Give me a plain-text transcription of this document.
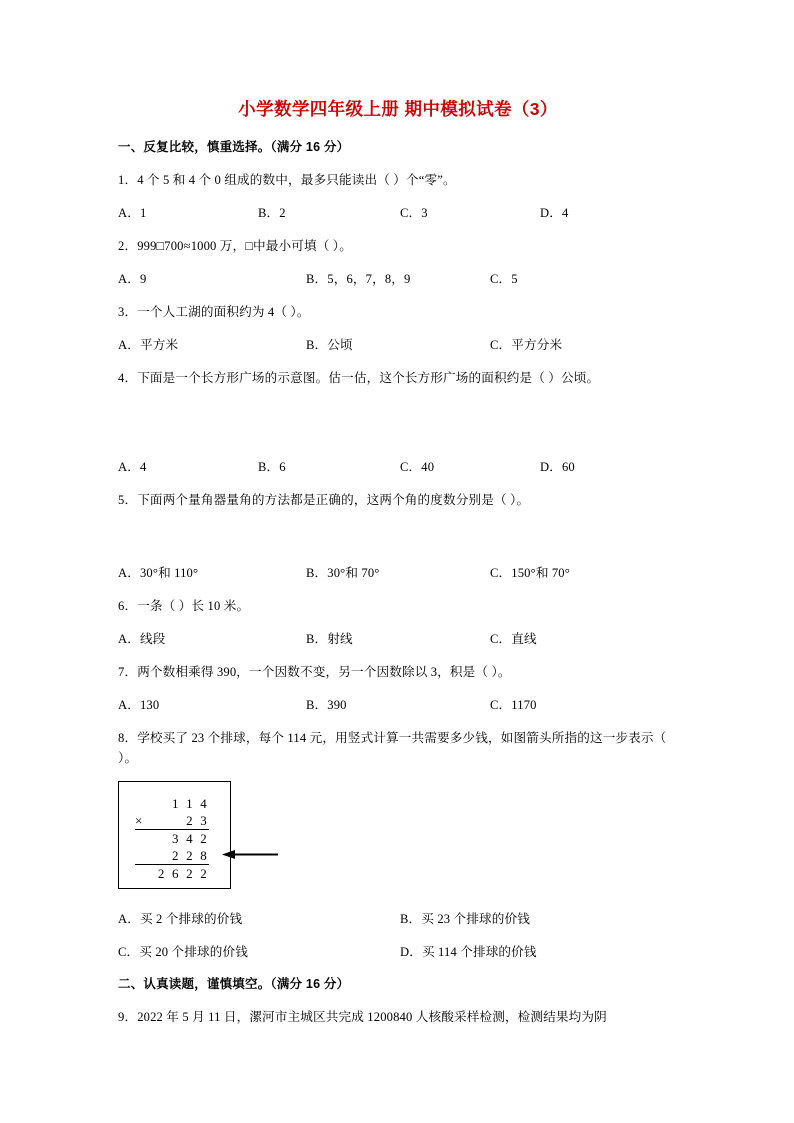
小学数学四年级上册 期中模拟试卷（3）
一、反复比较，慎重选择。（满分 16 分）
1．4 个 5 和 4 个 0 组成的数中，最多只能读出（ ）个“零”。
A．1	B．2	C．3	D．4
2．999□700≈1000 万，□中最小可填（ ）。
A．9	B．5，6，7，8，9	C．5
3．一个人工湖的面积约为 4（ ）。
A．平方米	B．公顷	C．平方分米
4．下面是一个长方形广场的示意图。估一估，这个长方形广场的面积约是（ ）公顷。
A．4	B．6	C．40	D．60
5．下面两个量角器量角的方法都是正确的，这两个角的度数分别是（ ）。
A．30°和 110°	B．30°和 70°	C．150°和 70°
6．一条（ ）长 10 米。
A．线段	B．射线	C．直线
7．两个数相乘得 390，一个因数不变，另一个因数除以 3，积是（ ）。
A．130	B．390	C．1170
8．学校买了 23 个排球，每个 114 元，用竖式计算一共需要多少钱，如图箭头所指的这一步表示（ ）。
1 1 4
×	2 3
3 4 2
2 2 8
2 6 2 2
A．买 2 个排球的价钱	B．买 23 个排球的价钱
C．买 20 个排球的价钱	D．买 114 个排球的价钱
二、认真读题，谨慎填空。（满分 16 分）
9．2022 年 5 月 11 日，漯河市主城区共完成 1200840 人核酸采样检测，检测结果均为阴
